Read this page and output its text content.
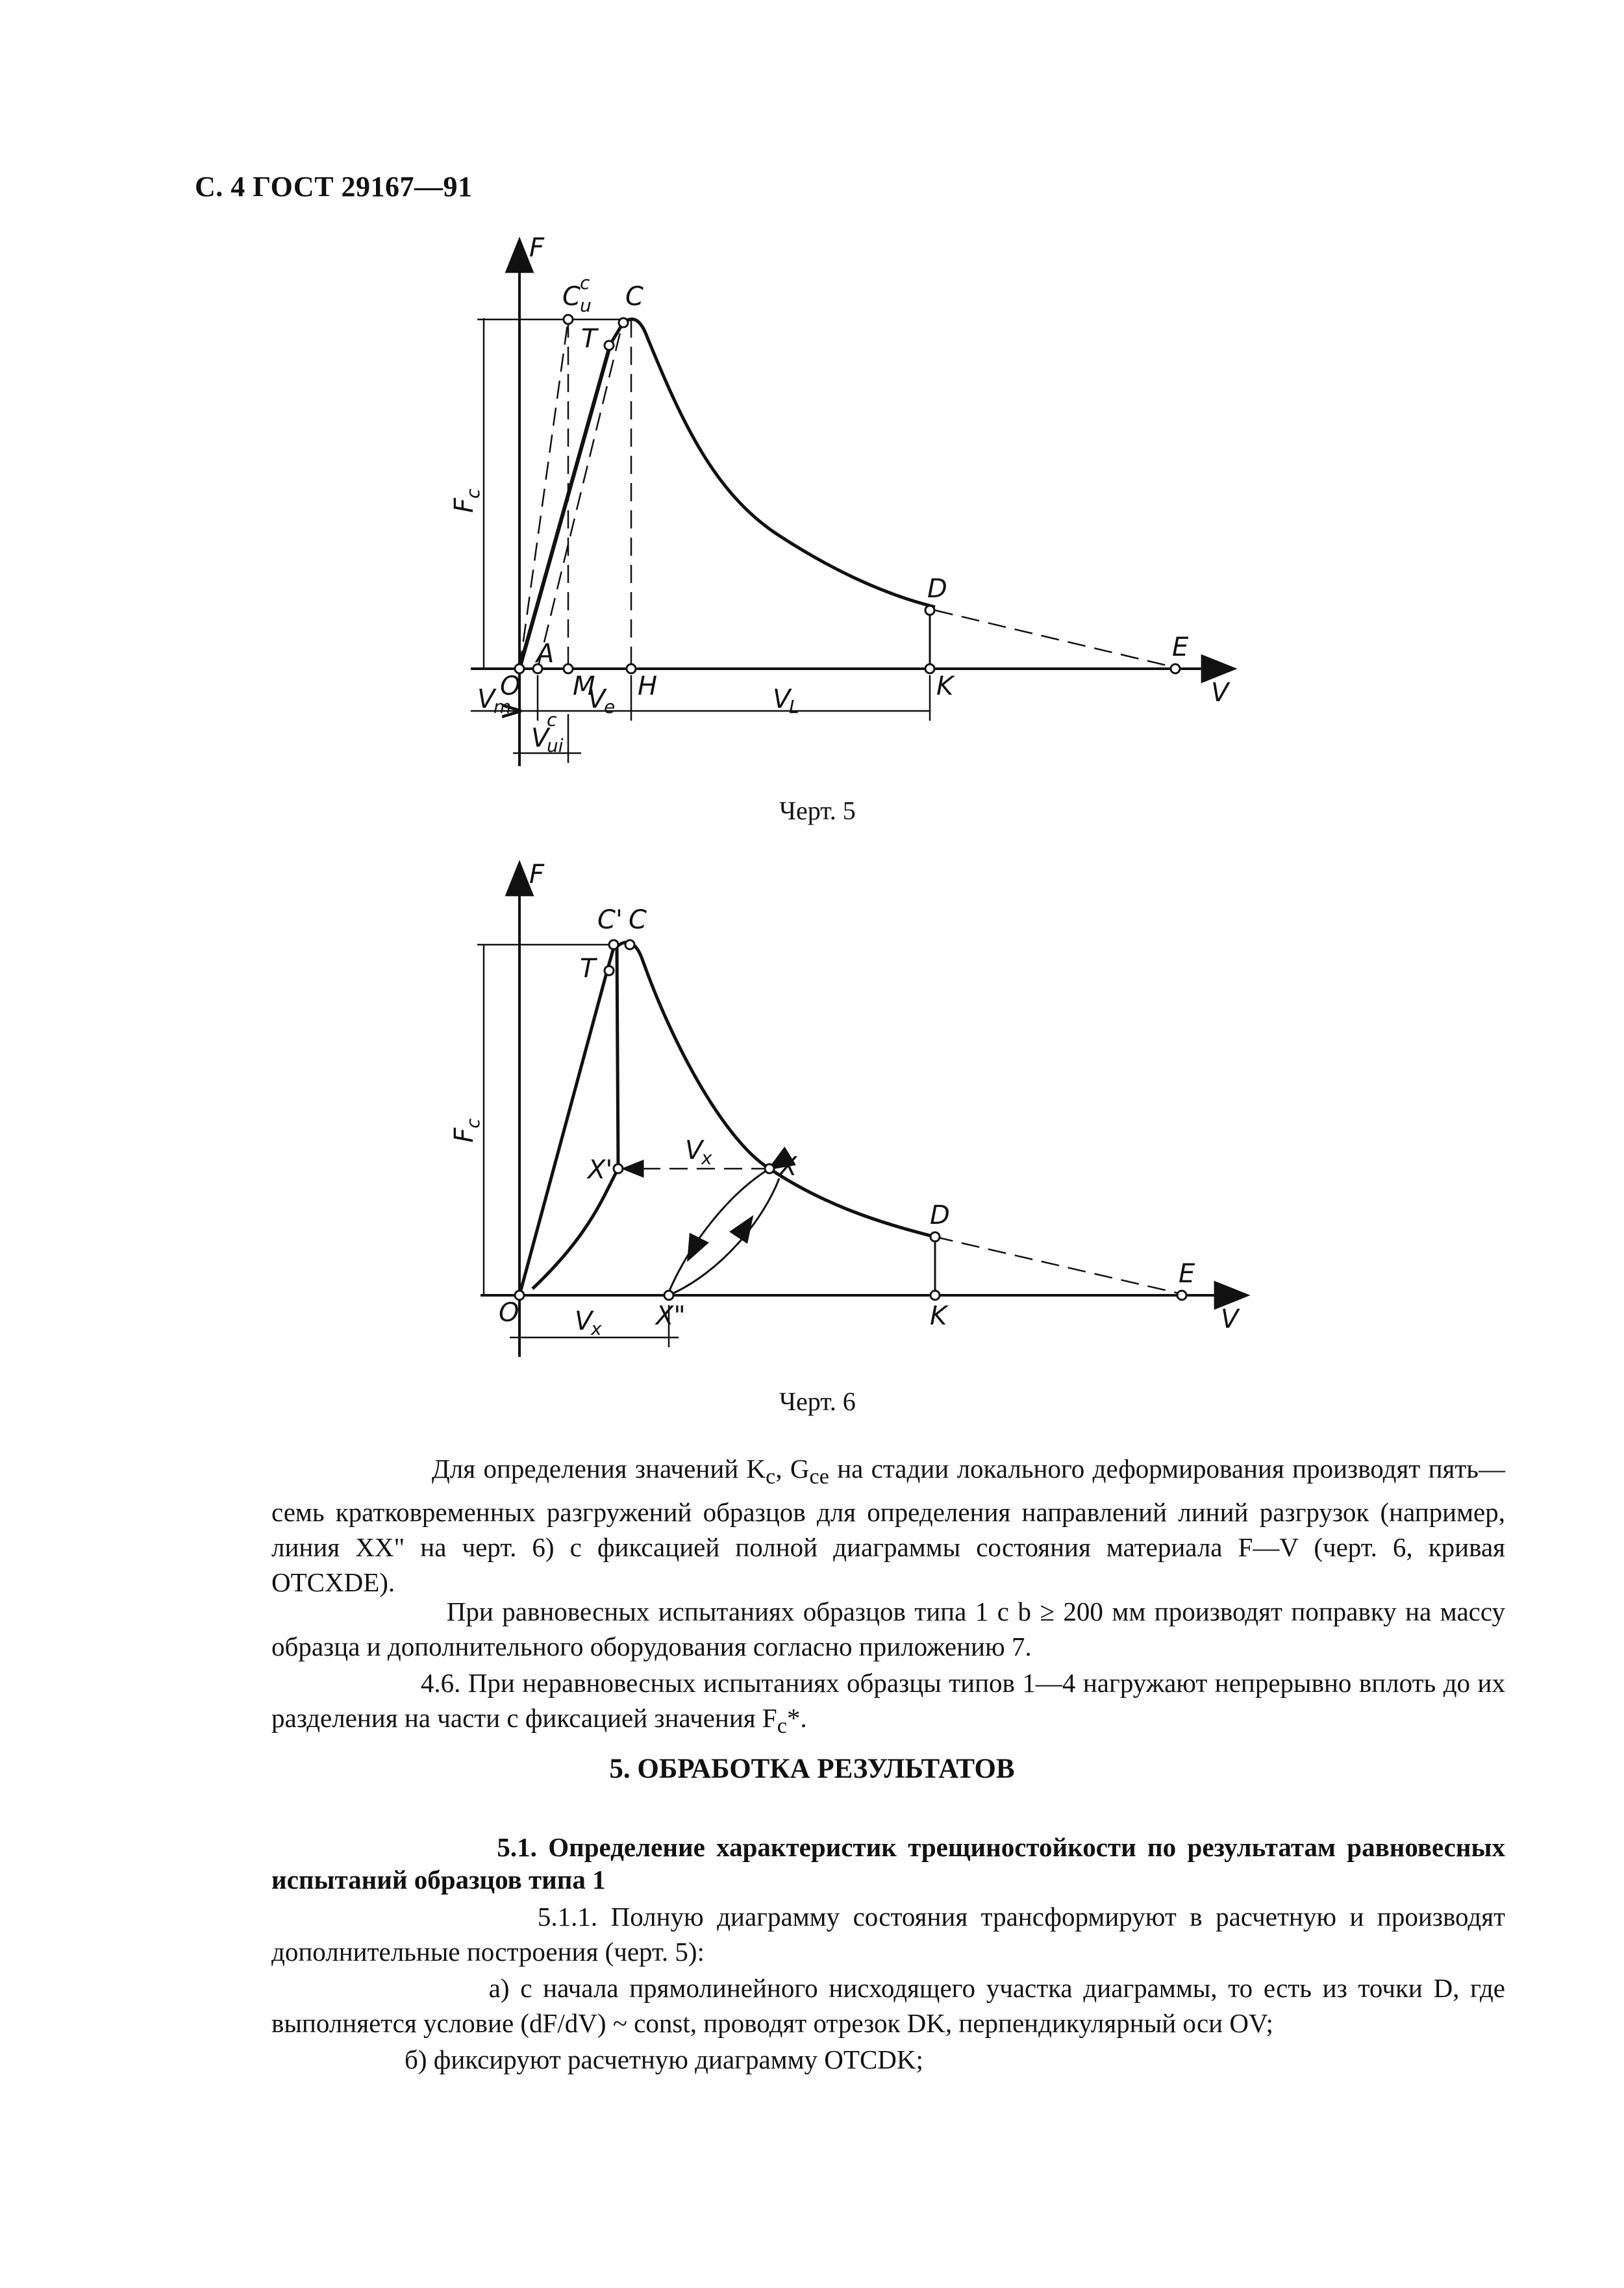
С. 4 ГОСТ 29167—91
F
V
O
A
M H	K
C
C c
u
T
D
E
F
c
V
m	V
e	V
L
V
c
ui
Черт. 5
F
V
O
C' C
T
X'	X
X"
D
K
E
V
x
V
x
F
c
Черт. 6
Для определения значений $K_c$, $G_{ce}$ на стадии локального деформирования производят пять—семь кратковременных разгружений образцов для определения направлений линий разгрузок (например, линия XX" на черт. 6) с фиксацией полной диаграммы состояния материала F—V (черт. 6, кривая OTCXDE).
При равновесных испытаниях образцов типа 1 с b ≥ 200 мм производят поправку на массу образца и дополнительного оборудования согласно приложению 7.
4.6. При неравновесных испытаниях образцы типов 1—4 нагружают непрерывно вплоть до их разделения на части с фиксацией значения $F_c*$.
5. ОБРАБОТКА РЕЗУЛЬТАТОВ
5.1. Определение характеристик трещиностойкости по результатам равновесных испытаний образцов типа 1
5.1.1. Полную диаграмму состояния трансформируют в расчетную и производят дополнительные построения (черт. 5):
а) с начала прямолинейного нисходящего участка диаграммы, то есть из точки D, где выполняется условие (dF/dV) ~ const, проводят отрезок DK, перпендикулярный оси OV;
б) фиксируют расчетную диаграмму OTCDK;
